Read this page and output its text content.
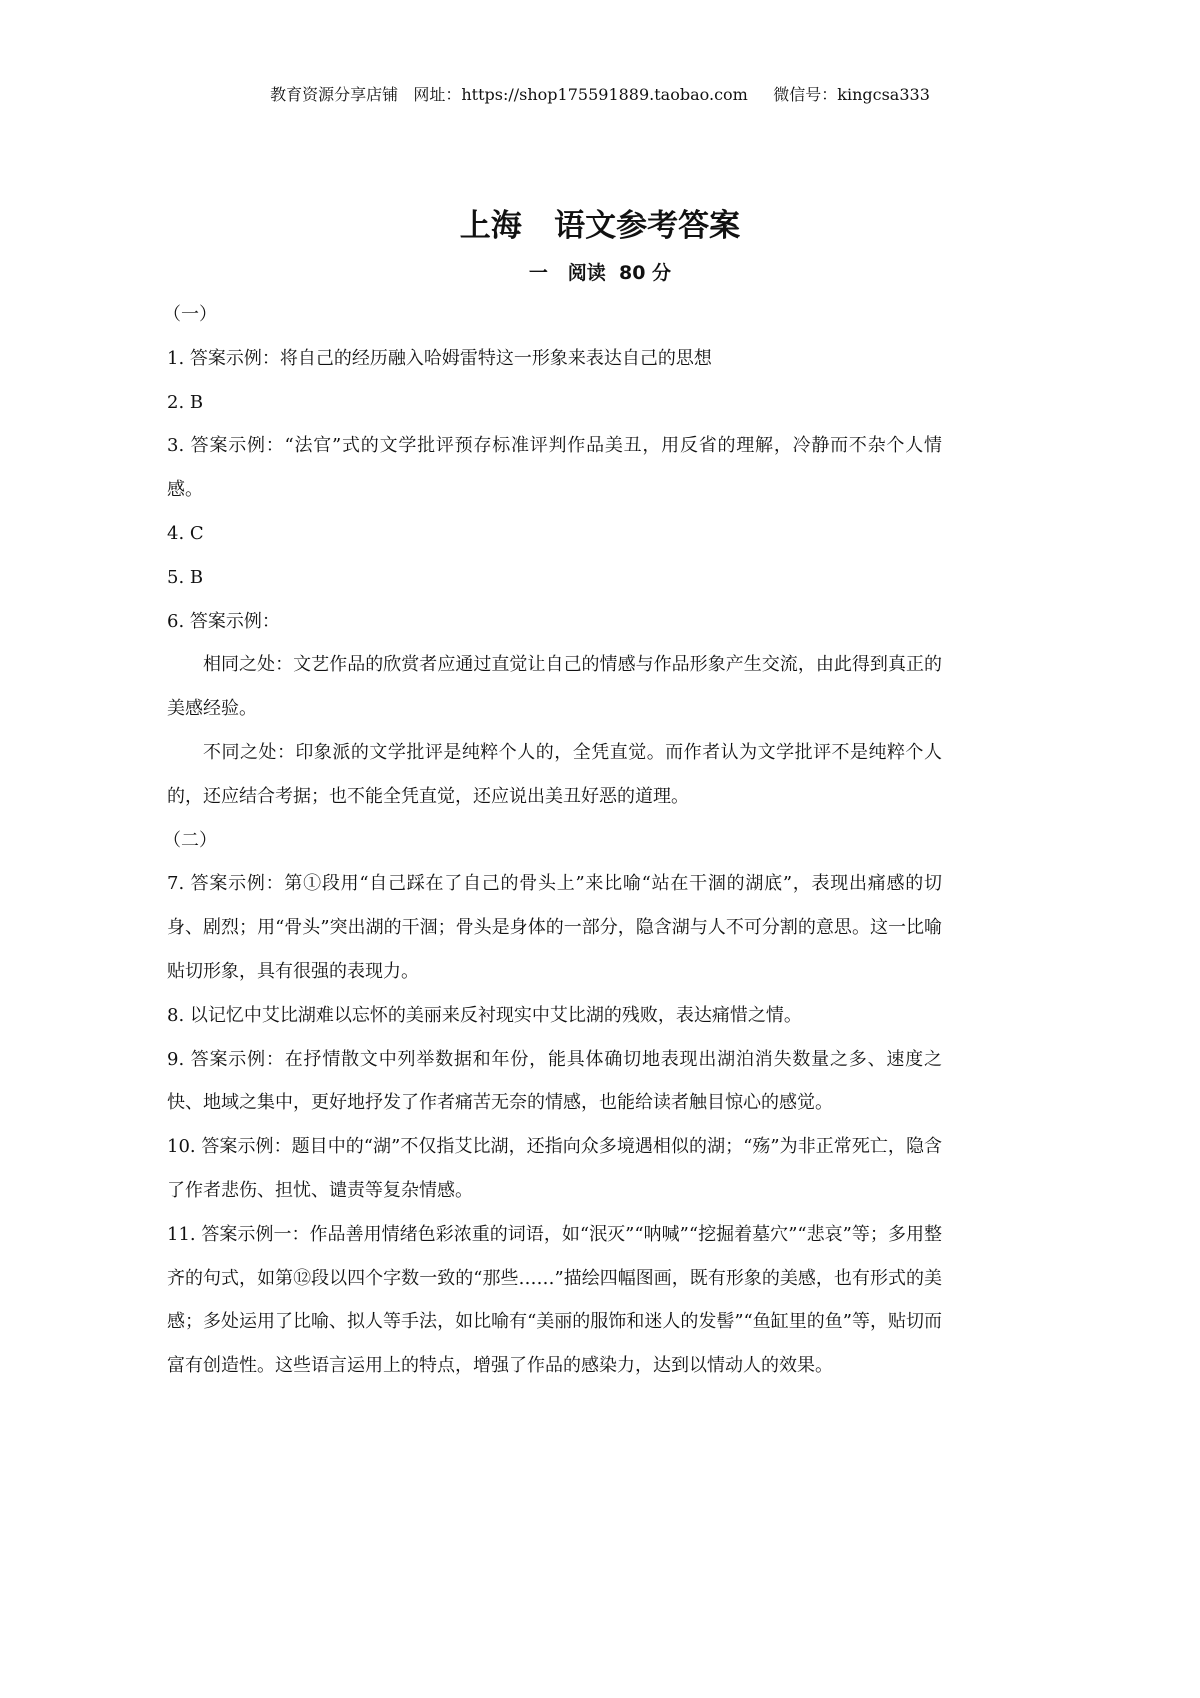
教育资源分享店铺   网址：https://shop175591889.taobao.com     微信号：kingcsa333
上海   语文参考答案
一   阅读  80 分

（一）

1. 答案示例：将自己的经历融入哈姆雷特这一形象来表达自己的思想

2. B

3. 答案示例：“法官”式的文学批评预存标准评判作品美丑，用反省的理解，冷静而不杂个人情感。

4. C

5. B

6. 答案示例：

相同之处：文艺作品的欣赏者应通过直觉让自己的情感与作品形象产生交流，由此得到真正的美感经验。

不同之处：印象派的文学批评是纯粹个人的，全凭直觉。而作者认为文学批评不是纯粹个人的，还应结合考据；也不能全凭直觉，还应说出美丑好恶的道理。

（二）

7. 答案示例：第①段用“自己踩在了自己的骨头上”来比喻“站在干涸的湖底”，表现出痛感的切身、剧烈；用“骨头”突出湖的干涸；骨头是身体的一部分，隐含湖与人不可分割的意思。这一比喻贴切形象，具有很强的表现力。

8. 以记忆中艾比湖难以忘怀的美丽来反衬现实中艾比湖的残败，表达痛惜之情。

9. 答案示例：在抒情散文中列举数据和年份，能具体确切地表现出湖泊消失数量之多、速度之快、地域之集中，更好地抒发了作者痛苦无奈的情感，也能给读者触目惊心的感觉。

10. 答案示例：题目中的“湖”不仅指艾比湖，还指向众多境遇相似的湖；“殇”为非正常死亡，隐含了作者悲伤、担忧、谴责等复杂情感。

11. 答案示例一：作品善用情绪色彩浓重的词语，如“泯灭”“呐喊”“挖掘着墓穴”“悲哀”等；多用整齐的句式，如第⑫段以四个字数一致的“那些……”描绘四幅图画，既有形象的美感，也有形式的美感；多处运用了比喻、拟人等手法，如比喻有“美丽的服饰和迷人的发髻”“鱼缸里的鱼”等，贴切而富有创造性。这些语言运用上的特点，增强了作品的感染力，达到以情动人的效果。
